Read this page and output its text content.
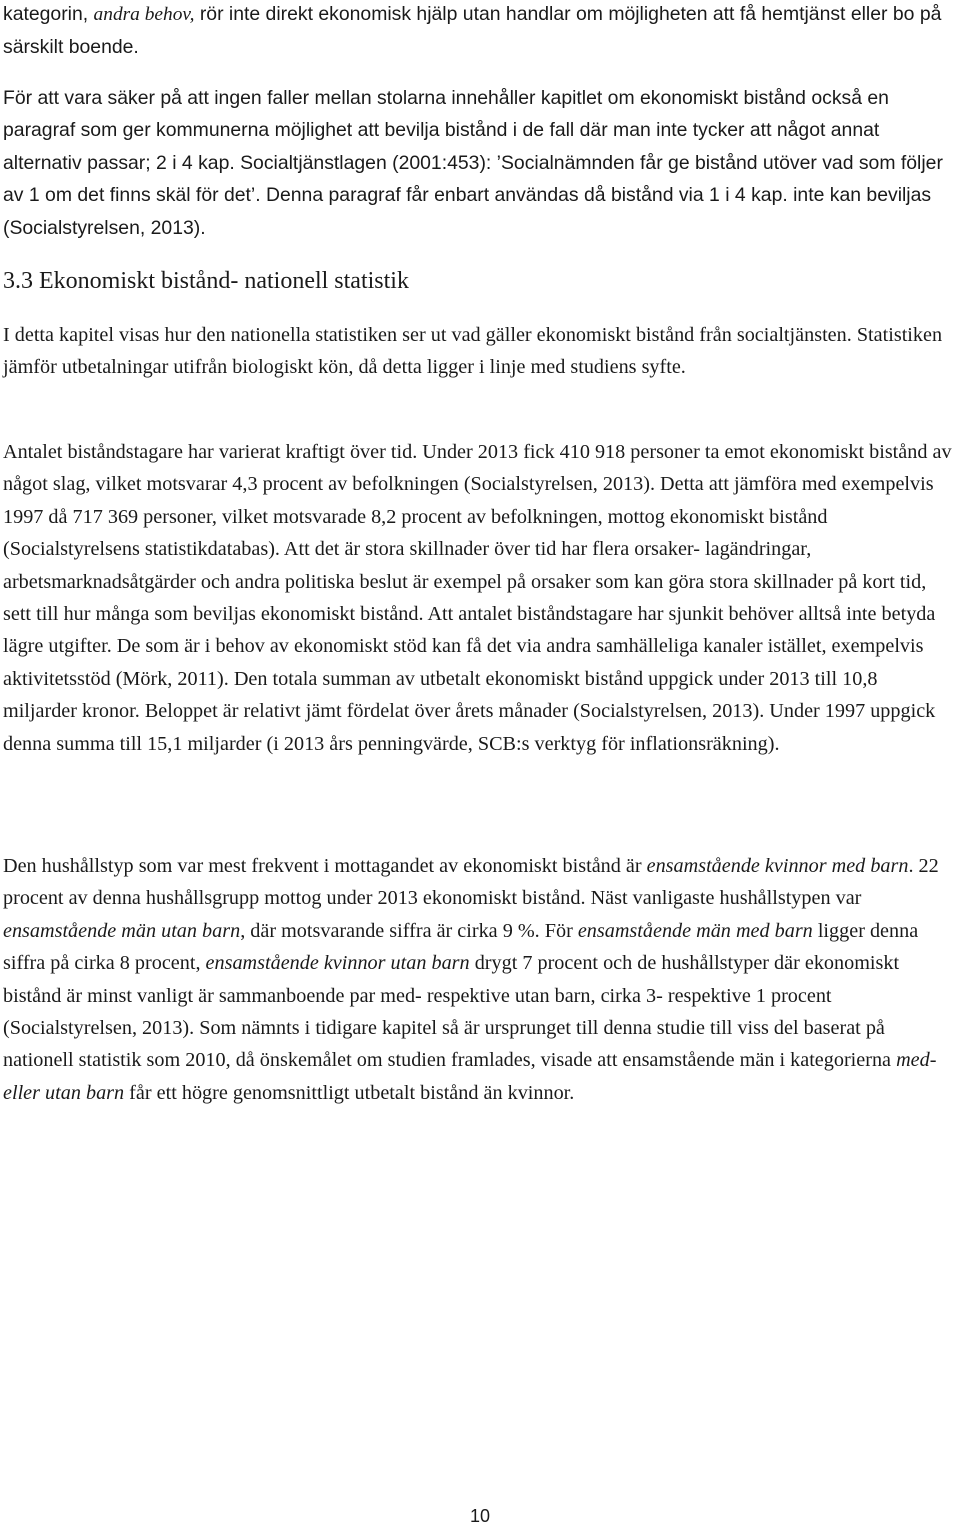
kategorin, andra behov, rör inte direkt ekonomisk hjälp utan handlar om möjligheten att få hemtjänst eller bo på särskilt boende.

För att vara säker på att ingen faller mellan stolarna innehåller kapitlet om ekonomiskt bistånd också en paragraf som ger kommunerna möjlighet att bevilja bistånd i de fall där man inte tycker att något annat alternativ passar; 2 i 4 kap. Socialtjänstlagen (2001:453): ’Socialnämnden får ge bistånd utöver vad som följer av 1 om det finns skäl för det’. Denna paragraf får enbart användas då bistånd via 1 i 4 kap. inte kan beviljas (Socialstyrelsen, 2013).

3.3 Ekonomiskt bistånd- nationell statistik

I detta kapitel visas hur den nationella statistiken ser ut vad gäller ekonomiskt bistånd från socialtjänsten. Statistiken jämför utbetalningar utifrån biologiskt kön, då detta ligger i linje med studiens syfte.

Antalet biståndstagare har varierat kraftigt över tid. Under 2013 fick 410 918 personer ta emot ekonomiskt bistånd av något slag, vilket motsvarar 4,3 procent av befolkningen (Socialstyrelsen, 2013). Detta att jämföra med exempelvis 1997 då 717 369 personer, vilket motsvarade 8,2 procent av befolkningen, mottog ekonomiskt bistånd (Socialstyrelsens statistikdatabas). Att det är stora skillnader över tid har flera orsaker- lagändringar, arbetsmarknadsåtgärder och andra politiska beslut är exempel på orsaker som kan göra stora skillnader på kort tid, sett till hur många som beviljas ekonomiskt bistånd. Att antalet biståndstagare har sjunkit behöver alltså inte betyda lägre utgifter. De som är i behov av ekonomiskt stöd kan få det via andra samhälleliga kanaler istället, exempelvis aktivitetsstöd (Mörk, 2011). Den totala summan av utbetalt ekonomiskt bistånd uppgick under 2013 till 10,8 miljarder kronor. Beloppet är relativt jämt fördelat över årets månader (Socialstyrelsen, 2013). Under 1997 uppgick denna summa till 15,1 miljarder (i 2013 års penningvärde, SCB:s verktyg för inflationsräkning).

Den hushållstyp som var mest frekvent i mottagandet av ekonomiskt bistånd är ensamstående kvinnor med barn. 22 procent av denna hushållsgrupp mottog under 2013 ekonomiskt bistånd. Näst vanligaste hushållstypen var ensamstående män utan barn, där motsvarande siffra är cirka 9 %. För ensamstående män med barn ligger denna siffra på cirka 8 procent, ensamstående kvinnor utan barn drygt 7 procent och de hushållstyper där ekonomiskt bistånd är minst vanligt är sammanboende par med- respektive utan barn, cirka 3- respektive 1 procent (Socialstyrelsen, 2013). Som nämnts i tidigare kapitel så är ursprunget till denna studie till viss del baserat på nationell statistik som 2010, då önskemålet om studien framlades, visade att ensamstående män i kategorierna med- eller utan barn får ett högre genomsnittligt utbetalt bistånd än kvinnor.

10
